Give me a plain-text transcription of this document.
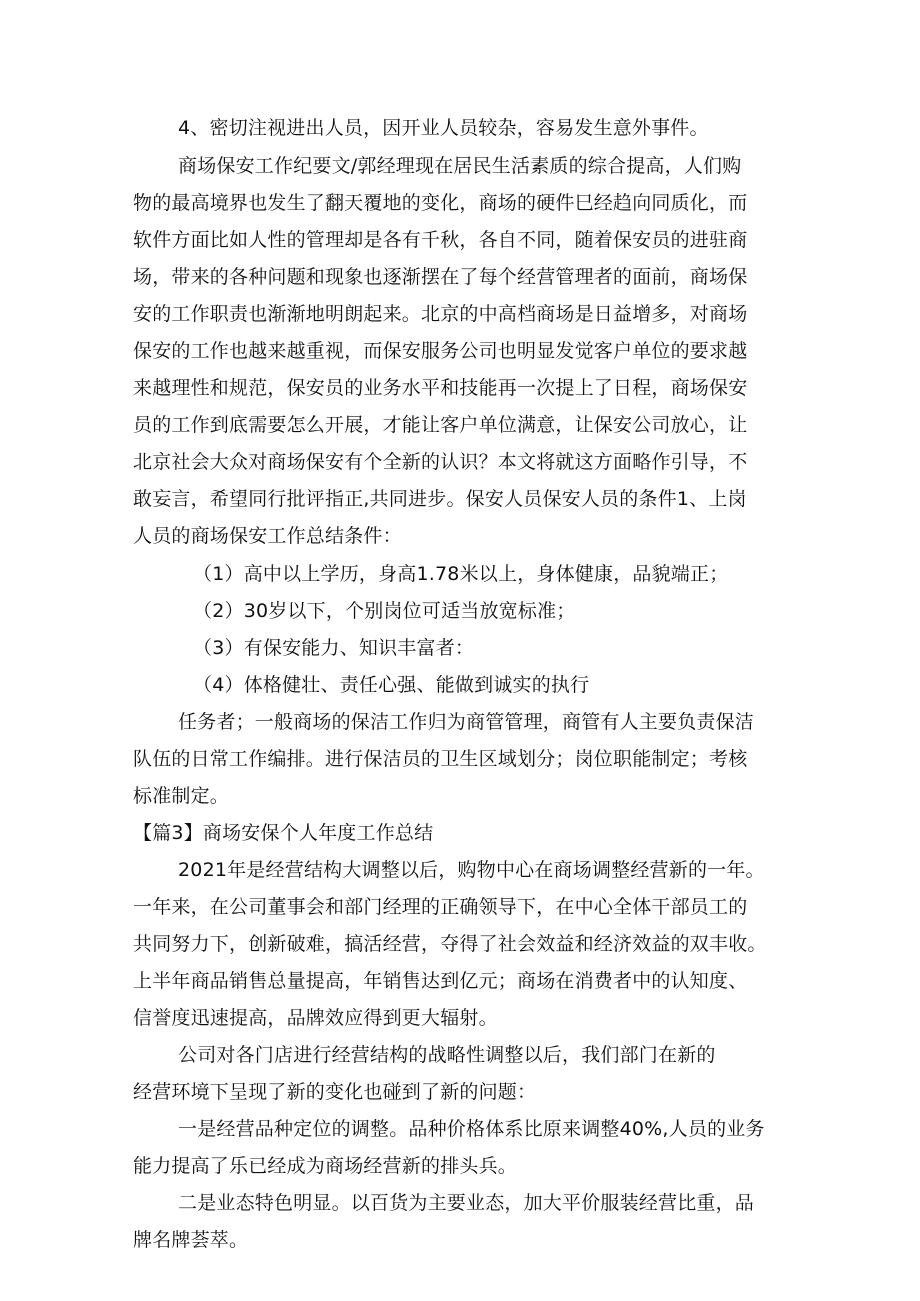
4、密切注视进出人员，因开业人员较杂，容易发生意外事件。
商场保安工作纪要文/郭经理现在居民生活素质的综合提高，人们购
物的最高境界也发生了翻天覆地的变化，商场的硬件巳经趋向同质化，而
软件方面比如人性的管理却是各有千秋，各自不同，随着保安员的进驻商
场，带来的各种问题和现象也逐渐摆在了每个经营管理者的面前，商场保
安的工作职责也渐渐地明朗起来。北京的中高档商场是日益增多，对商场
保安的工作也越来越重视，而保安服务公司也明显发觉客户单位的要求越
来越理性和规范，保安员的业务水平和技能再一次提上了日程，商场保安
员的工作到底需要怎么开展，才能让客户单位满意，让保安公司放心，让
北京社会大众对商场保安有个全新的认识？本文将就这方面略作引导，不
敢妄言，希望同行批评指正,共同进步。保安人员保安人员的条件1、上岗
人员的商场保安工作总结条件：
（1）高中以上学历，身高1.78米以上，身体健康，品貌端正；
（2）30岁以下，个别岗位可适当放宽标准；
（3）有保安能力、知识丰富者：
（4）体格健壮、责任心强、能做到诚实的执行
任务者；一般商场的保洁工作归为商管管理，商管有人主要负责保洁
队伍的日常工作编排。进行保洁员的卫生区域划分；岗位职能制定；考核
标准制定。
【篇3】商场安保个人年度工作总结
2021年是经营结构大调整以后，购物中心在商场调整经营新的一年。
一年来，在公司董事会和部门经理的正确领导下，在中心全体干部员工的
共同努力下，创新破难，搞活经营，夺得了社会效益和经济效益的双丰收。
上半年商品销售总量提高，年销售达到亿元；商场在消费者中的认知度、
信誉度迅速提高，品牌效应得到更大辐射。
公司对各门店进行经营结构的战略性调整以后，我们部门在新的
经营环境下呈现了新的变化也碰到了新的问题：
一是经营品种定位的调整。品种价格体系比原来调整40%,人员的业务
能力提高了乐已经成为商场经营新的排头兵。
二是业态特色明显。以百货为主要业态，加大平价服装经营比重，品
牌名牌荟萃。
